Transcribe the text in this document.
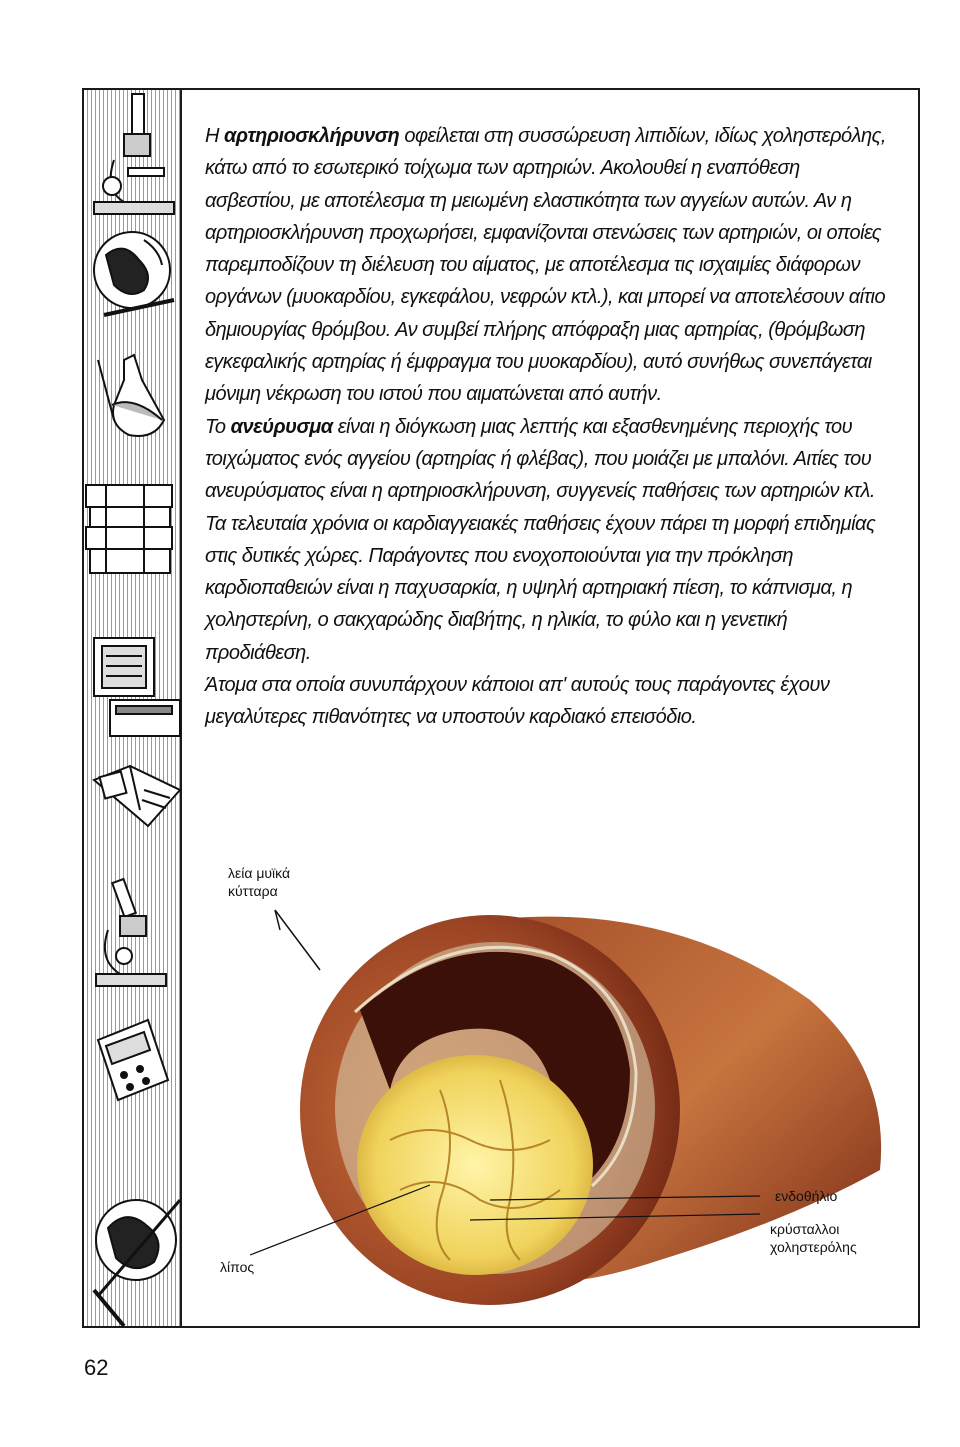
Η αρτηριοσκλήρυνση οφείλεται στη συσσώρευση λιπιδίων, ιδίως χοληστερόλης, κάτω από το εσωτερικό τοίχωμα των αρτηριών. Ακολουθεί η εναπόθεση ασβεστίου, με αποτέλεσμα τη μειωμένη ελαστικότητα των αγγείων αυτών. Αν η αρτηριοσκλήρυνση προχωρήσει, εμφανίζονται στενώσεις των αρτηριών, οι οποίες παρεμποδίζουν τη διέλευση του αίματος, με αποτέλεσμα τις ισχαιμίες διάφορων οργάνων (μυοκαρδίου, εγκεφάλου, νεφρών κτλ.), και μπορεί να αποτελέσουν αίτιο δημιουργίας θρόμβου. Αν συμβεί πλήρης απόφραξη μιας αρτηρίας, (θρόμβωση εγκεφαλικής αρτηρίας ή έμφραγμα του μυοκαρδίου), αυτό συνήθως συνεπάγεται μόνιμη νέκρωση του ιστού που αιματώνεται από αυτήν.

Το ανεύρυσμα είναι η διόγκωση μιας λεπτής και εξασθενημένης περιοχής του τοιχώματος ενός αγγείου (αρτηρίας ή φλέβας), που μοιάζει με μπαλόνι. Αιτίες του ανευρύσματος είναι η αρτηριοσκλήρυνση, συγγενείς παθήσεις των αρτηριών κτλ.

Τα τελευταία χρόνια οι καρδιαγγειακές παθήσεις έχουν πάρει τη μορφή επιδημίας στις δυτικές χώρες. Παράγοντες που ενοχοποιούνται για την πρόκληση καρδιοπαθειών είναι η παχυσαρκία, η υψηλή αρτηριακή πίεση, το κάπνισμα, η χοληστερίνη, ο σακχαρώδης διαβήτης, η ηλικία, το φύλο και η γενετική προδιάθεση.

Άτομα στα οποία συνυπάρχουν κάποιοι απ' αυτούς τους παράγοντες έχουν μεγαλύτερες πιθανότητες να υποστούν καρδιακό επεισόδιο.

λεία μυϊκά κύτταρα
ενδοθήλιο
κρύσταλλοι χοληστερόλης
λίπος
62
